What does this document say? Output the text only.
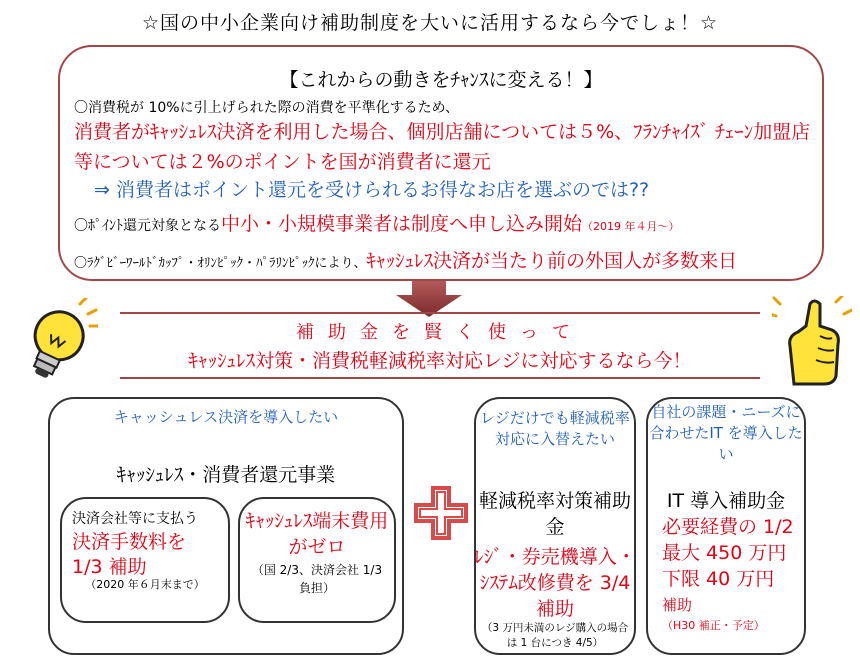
☆国の中小企業向け補助制度を大いに活用するなら今でしょ！☆
【これからの動きをﾁｬﾝｽに変える！】
〇消費税が 10%に引上げられた際の消費を平準化するため、
消費者がｷｬｯｼｭﾚｽ決済を利用した場合、個別店舗については５%、ﾌﾗﾝﾁｬｲｽﾞ ﾁｪｰﾝ加盟店等については２%のポイントを国が消費者に還元
⇒ 消費者はポイント還元を受けられるお得なお店を選ぶのでは??
〇ﾎﾟｲﾝﾄ還元対象となる中小・小規模事業者は制度へ申し込み開始（2019 年４月～）
〇ﾗｸﾞﾋﾞｰﾜｰﾙﾄﾞｶｯﾌﾟ・ｵﾘﾝﾋﾟｯｸ・ﾊﾟﾗﾘﾝﾋﾟｯｸにより、ｷｬｯｼｭﾚｽ決済が当たり前の外国人が多数来日
補助金を賢く使って
ｷｬｯｼｭﾚｽ対策・消費税軽減税率対応レジに対応するなら今！
キャッシュレス決済を導入したい
ｷｬｯｼｭﾚｽ・消費者還元事業
決済会社等に支払う
決済手数料を 1/3 補助
（2020 年６月末まで）
ｷｬｯｼｭﾚｽ端末費用がゼロ
（国 2/3、決済会社 1/3 負担）
レジだけでも軽減税率対応に入替えたい
軽減税率対策補助金
ﾚｼﾞ・券売機導入・ｼｽﾃﾑ改修費を 3/4 補助
（3 万円未満のレジ購入の場合は 1 台につき 4/5）
自社の課題・ニーズに合わせたIT を導入したい
IT 導入補助金
必要経費の 1/2
最大 450 万円
下限 40 万円
補助
（H30 補正・予定）
